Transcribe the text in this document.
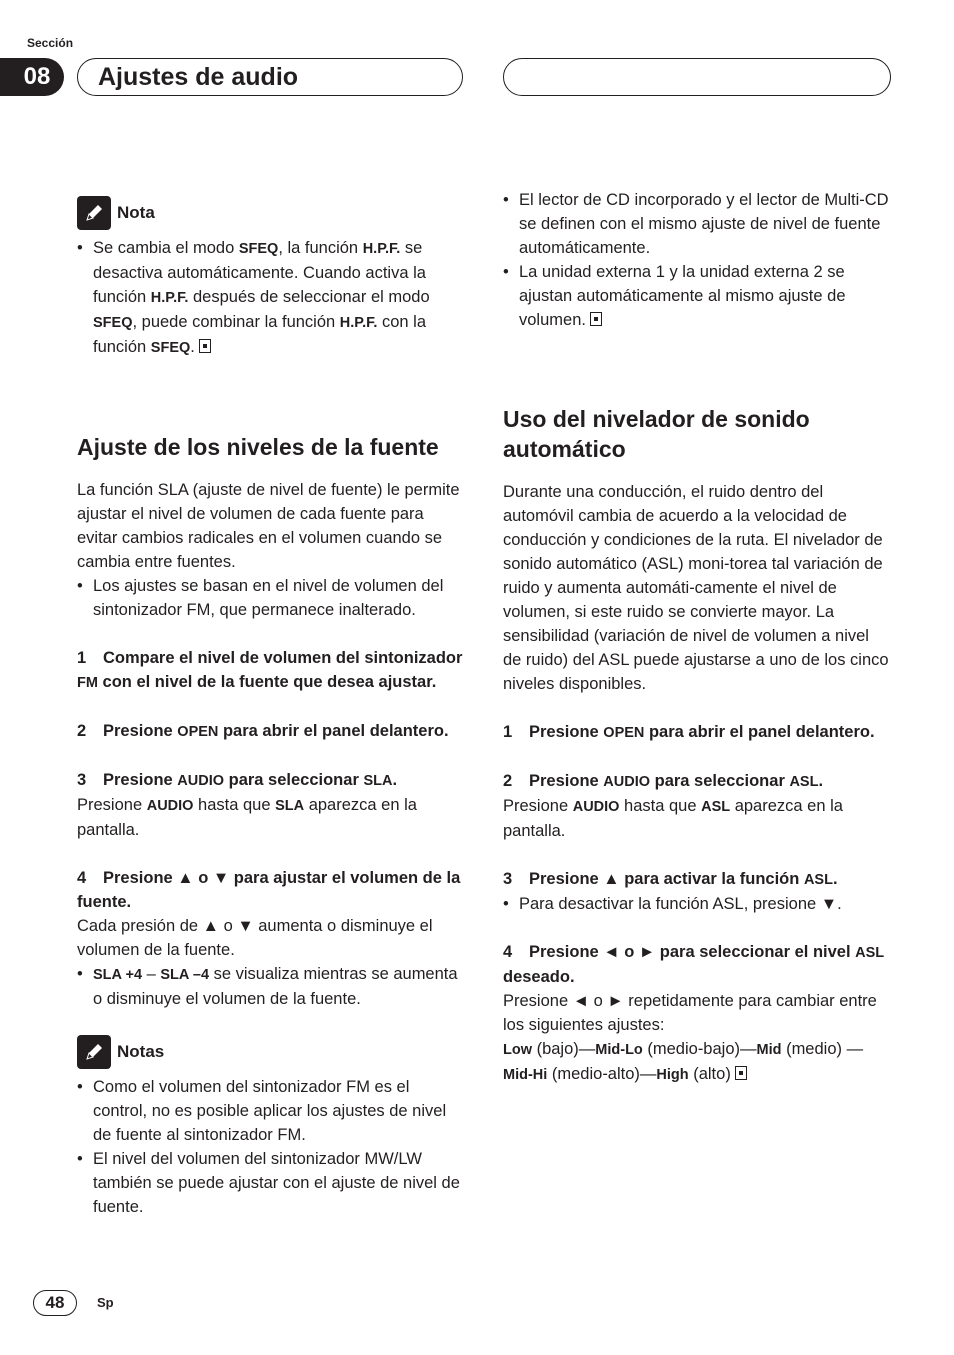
Sección
08	Ajustes de audio
Nota

• Se cambia el modo SFEQ, la función H.P.F. se desactiva automáticamente. Cuando activa la función H.P.F. después de seleccionar el modo SFEQ, puede combinar la función H.P.F. con la función SFEQ.

Ajuste de los niveles de la fuente

La función SLA (ajuste de nivel de fuente) le permite ajustar el nivel de volumen de cada fuente para evitar cambios radicales en el volumen cuando se cambia entre fuentes.

• Los ajustes se basan en el nivel de volumen del sintonizador FM, que permanece inalterado.

1 Compare el nivel de volumen del sintonizador FM con el nivel de la fuente que desea ajustar.

2 Presione OPEN para abrir el panel delantero.

3 Presione AUDIO para seleccionar SLA.

Presione AUDIO hasta que SLA aparezca en la pantalla.

4 Presione ▲ o ▼ para ajustar el volumen de la fuente.

Cada presión de ▲ o ▼ aumenta o disminuye el volumen de la fuente.

• SLA +4 – SLA –4 se visualiza mientras se aumenta o disminuye el volumen de la fuente.

Notas

• Como el volumen del sintonizador FM es el control, no es posible aplicar los ajustes de nivel de fuente al sintonizador FM.

• El nivel del volumen del sintonizador MW/LW también se puede ajustar con el ajuste de nivel de fuente.

• El lector de CD incorporado y el lector de Multi-CD se definen con el mismo ajuste de nivel de fuente automáticamente.

• La unidad externa 1 y la unidad externa 2 se ajustan automáticamente al mismo ajuste de volumen.

Uso del nivelador de sonido automático

Durante una conducción, el ruido dentro del automóvil cambia de acuerdo a la velocidad de conducción y condiciones de la ruta. El nivelador de sonido automático (ASL) moni-torea tal variación de ruido y aumenta automáti-camente el nivel de volumen, si este ruido se convierte mayor. La sensibilidad (variación de nivel de volumen a nivel de ruido) del ASL puede ajustarse a uno de los cinco niveles disponibles.

1 Presione OPEN para abrir el panel delantero.

2 Presione AUDIO para seleccionar ASL.

Presione AUDIO hasta que ASL aparezca en la pantalla.

3 Presione ▲ para activar la función ASL.

• Para desactivar la función ASL, presione ▼.

4 Presione ◄ o ► para seleccionar el nivel ASL deseado.

Presione ◄ o ► repetidamente para cambiar entre los siguientes ajustes:

Low (bajo)—Mid-Lo (medio-bajo)—Mid (medio) —Mid-Hi (medio-alto)—High (alto)

48	Sp
